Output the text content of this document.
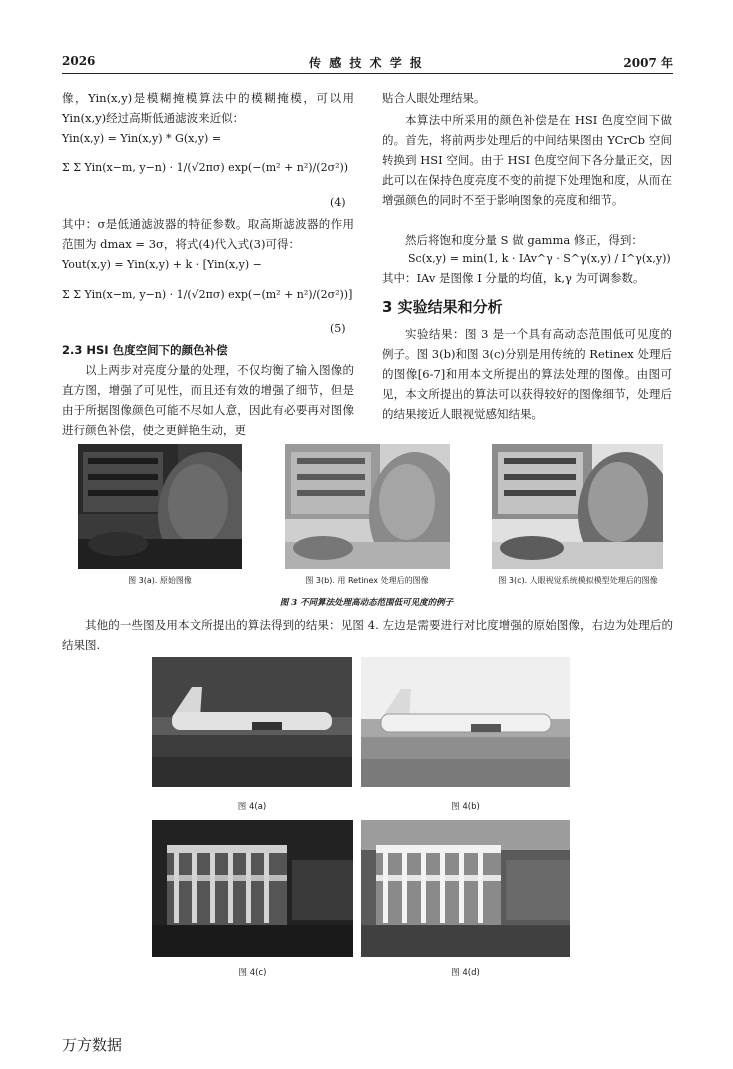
2026	传 感 技 术 学 报	2007 年
像，Yin(x,y)是模糊掩模算法中的模糊掩模，可以用Yin(x,y)经过高斯低通滤波来近似：
Yin(x,y) = Yin(x,y) * G(x,y) =
Σ Σ Yin(x−m, y−n) · 1/(√2πσ) exp(−(m² + n²)/(2σ²))
(4)
其中：σ是低通滤波器的特征参数。取高斯滤波器的作用范围为 dmax = 3σ，将式(4)代入式(3)可得：
Yout(x,y) = Yin(x,y) + k · [Yin(x,y) −
Σ Σ Yin(x−m, y−n) · 1/(√2πσ) exp(−(m² + n²)/(2σ²))]
(5)
2.3 HSI 色度空间下的颜色补偿
以上两步对亮度分量的处理，不仅均衡了输入图像的直方图，增强了可见性，而且还有效的增强了细节，但是由于所据图像颜色可能不尽如人意，因此有必要再对图像进行颜色补偿，使之更鲜艳生动，更
贴合人眼处理结果。
本算法中所采用的颜色补偿是在 HSI 色度空间下做的。首先，将前两步处理后的中间结果图由 YCrCb 空间转换到 HSI 空间。由于 HSI 色度空间下各分量正交，因此可以在保持色度亮度不变的前提下处理饱和度，从而在增强颜色的同时不至于影响图象的亮度和细节。
然后将饱和度分量 S 做 gamma 修正，得到：
Sc(x,y) = min(1, k · IAv^γ · S^γ(x,y) / I^γ(x,y))
其中：IAv 是图像 I 分量的均值，k,γ 为可调参数。
3 实验结果和分析
实验结果：图 3 是一个具有高动态范围低可见度的例子。图 3(b)和图 3(c)分别是用传统的 Retinex 处理后的图像[6-7]和用本文所提出的算法处理的图像。由图可见，本文所提出的算法可以获得较好的图像细节，处理后的结果接近人眼视觉感知结果。
图 3(a). 原始图像	图 3(b). 用 Retinex 处理后的图像	图 3(c). 人眼视觉系统模拟模型处理后的图像
图 3 不同算法处理高动态范围低可见度的例子
其他的一些图及用本文所提出的算法得到的结果：见图 4. 左边是需要进行对比度增强的原始图像，右边为处理后的结果图.
图 4(a)	图 4(b)
图 4(c)	图 4(d)
万方数据
